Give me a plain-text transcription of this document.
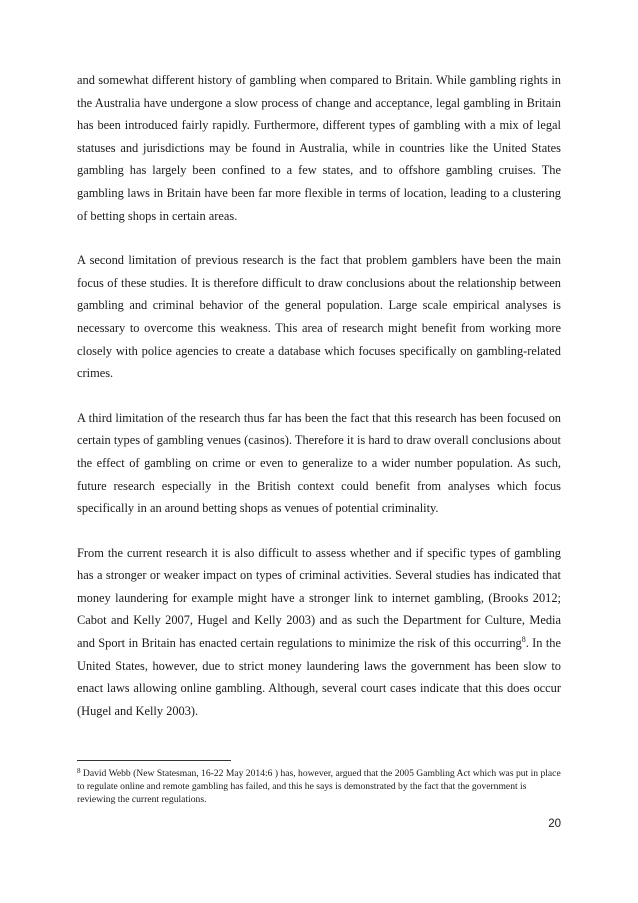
and somewhat different history of gambling when compared to Britain. While gambling rights in the Australia have undergone a slow process of change and acceptance, legal gambling in Britain has been introduced fairly rapidly. Furthermore, different types of gambling with a mix of legal statuses and jurisdictions may be found in Australia, while in countries like the United States gambling has largely been confined to a few states, and to offshore gambling cruises. The gambling laws in Britain have been far more flexible in terms of location, leading to a clustering of betting shops in certain areas.

A second limitation of previous research is the fact that problem gamblers have been the main focus of these studies. It is therefore difficult to draw conclusions about the relationship between gambling and criminal behavior of the general population. Large scale empirical analyses is necessary to overcome this weakness. This area of research might benefit from working more closely with police agencies to create a database which focuses specifically on gambling-related crimes.

A third limitation of the research thus far has been the fact that this research has been focused on certain types of gambling venues (casinos). Therefore it is hard to draw overall conclusions about the effect of gambling on crime or even to generalize to a wider number population. As such, future research especially in the British context could benefit from analyses which focus specifically in an around betting shops as venues of potential criminality.

From the current research it is also difficult to assess whether and if specific types of gambling has a stronger or weaker impact on types of criminal activities. Several studies has indicated that money laundering for example might have a stronger link to internet gambling, (Brooks 2012; Cabot and Kelly 2007, Hugel and Kelly 2003) and as such the Department for Culture, Media and Sport in Britain has enacted certain regulations to minimize the risk of this occurring$^8$. In the United States, however, due to strict money laundering laws the government has been slow to enact laws allowing online gambling. Although, several court cases indicate that this does occur (Hugel and Kelly 2003).

$^8$ David Webb (New Statesman, 16-22 May 2014:6 ) has, however, argued that the 2005 Gambling Act which was put in place to regulate online and remote gambling has failed, and this he says is demonstrated by the fact that the government is reviewing the current regulations.
20
